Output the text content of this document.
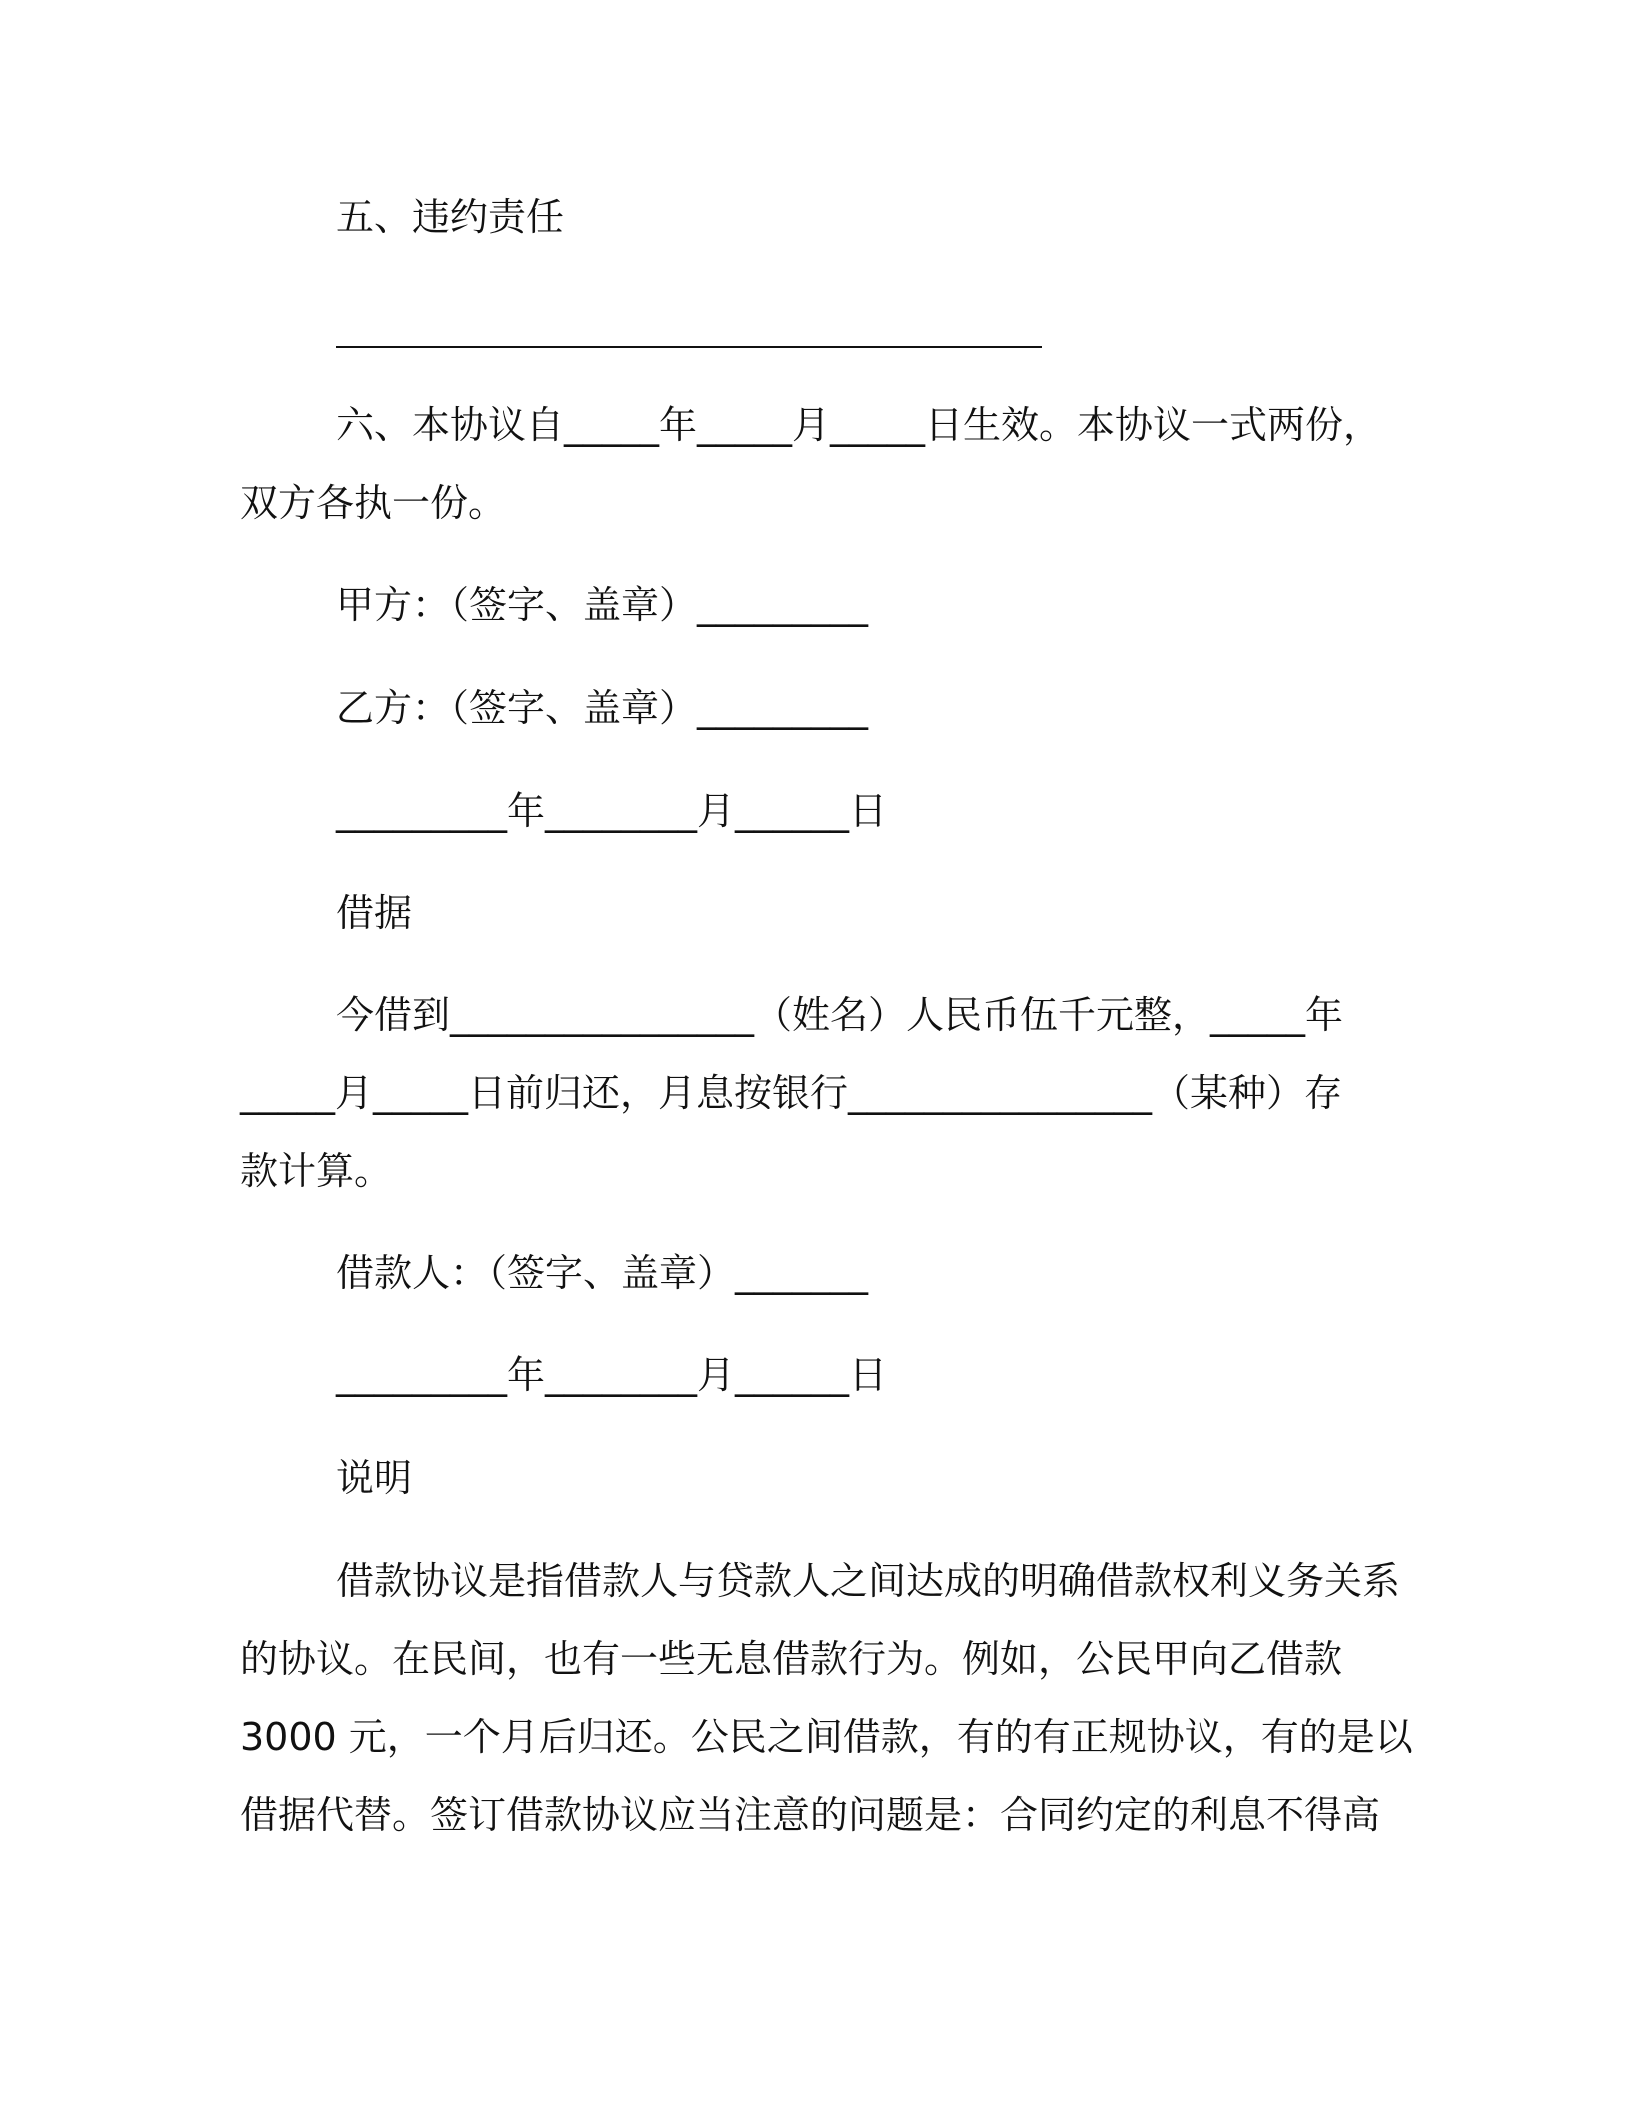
五、违约责任
六、本协议自_____年_____月_____日生效。本协议一式两份，
双方各执一份。
甲方：（签字、盖章）_________
乙方：（签字、盖章）_________
_________年________月______日
借据
今借到________________（姓名）人民币伍千元整，_____年
_____月_____日前归还，月息按银行________________（某种）存
款计算。
借款人：（签字、盖章）_______
_________年________月______日
说明
借款协议是指借款人与贷款人之间达成的明确借款权利义务关系
的协议。在民间，也有一些无息借款行为。例如，公民甲向乙借款
3000 元，一个月后归还。公民之间借款，有的有正规协议，有的是以
借据代替。签订借款协议应当注意的问题是：合同约定的利息不得高
